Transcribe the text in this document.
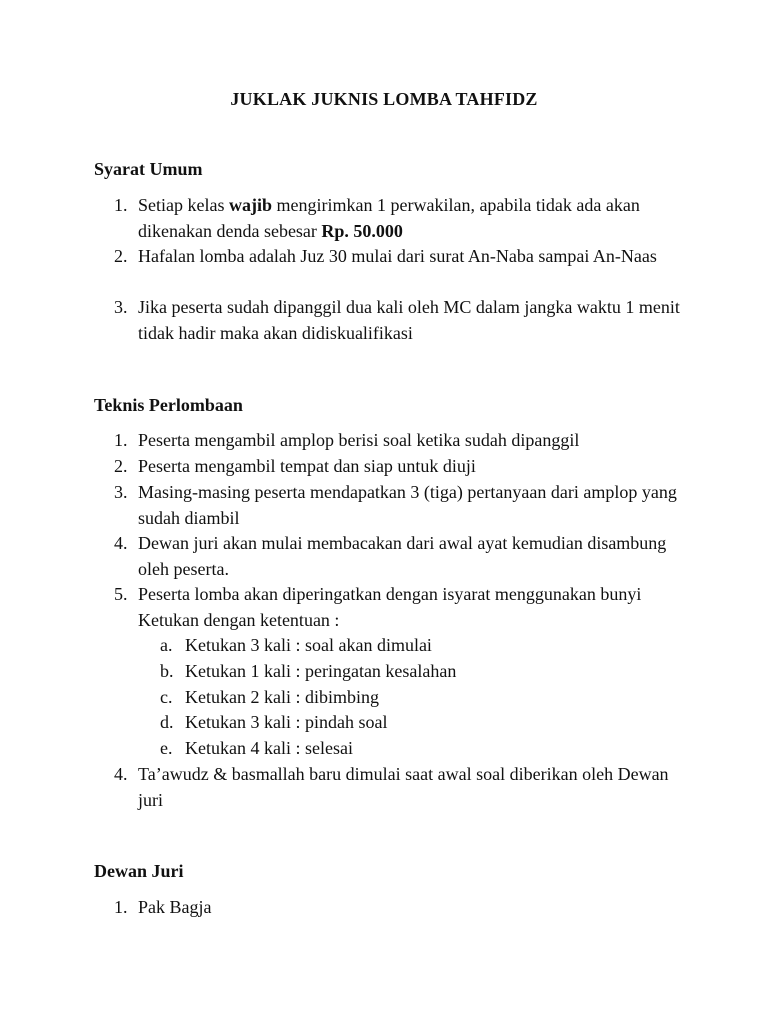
JUKLAK JUKNIS LOMBA TAHFIDZ
Syarat Umum
1. Setiap kelas wajib mengirimkan 1 perwakilan, apabila tidak ada akan dikenakan denda sebesar Rp. 50.000
2. Hafalan lomba adalah Juz 30 mulai dari surat An-Naba sampai An-Naas
3. Jika peserta sudah dipanggil dua kali oleh MC dalam jangka waktu 1 menit tidak hadir maka akan didiskualifikasi
Teknis Perlombaan
1. Peserta mengambil amplop berisi soal ketika sudah dipanggil
2. Peserta mengambil tempat dan siap untuk diuji
3. Masing-masing peserta mendapatkan 3 (tiga) pertanyaan dari amplop yang sudah diambil
4. Dewan juri akan mulai membacakan dari awal ayat kemudian disambung oleh peserta.
5. Peserta lomba akan diperingatkan dengan isyarat menggunakan bunyi Ketukan dengan ketentuan :
a. Ketukan 3 kali : soal akan dimulai
b. Ketukan 1 kali : peringatan kesalahan
c. Ketukan 2 kali : dibimbing
d. Ketukan 3 kali : pindah soal
e. Ketukan 4 kali : selesai
4. Ta’awudz & basmallah baru dimulai saat awal soal diberikan oleh Dewan juri
Dewan Juri
1. Pak Bagja
